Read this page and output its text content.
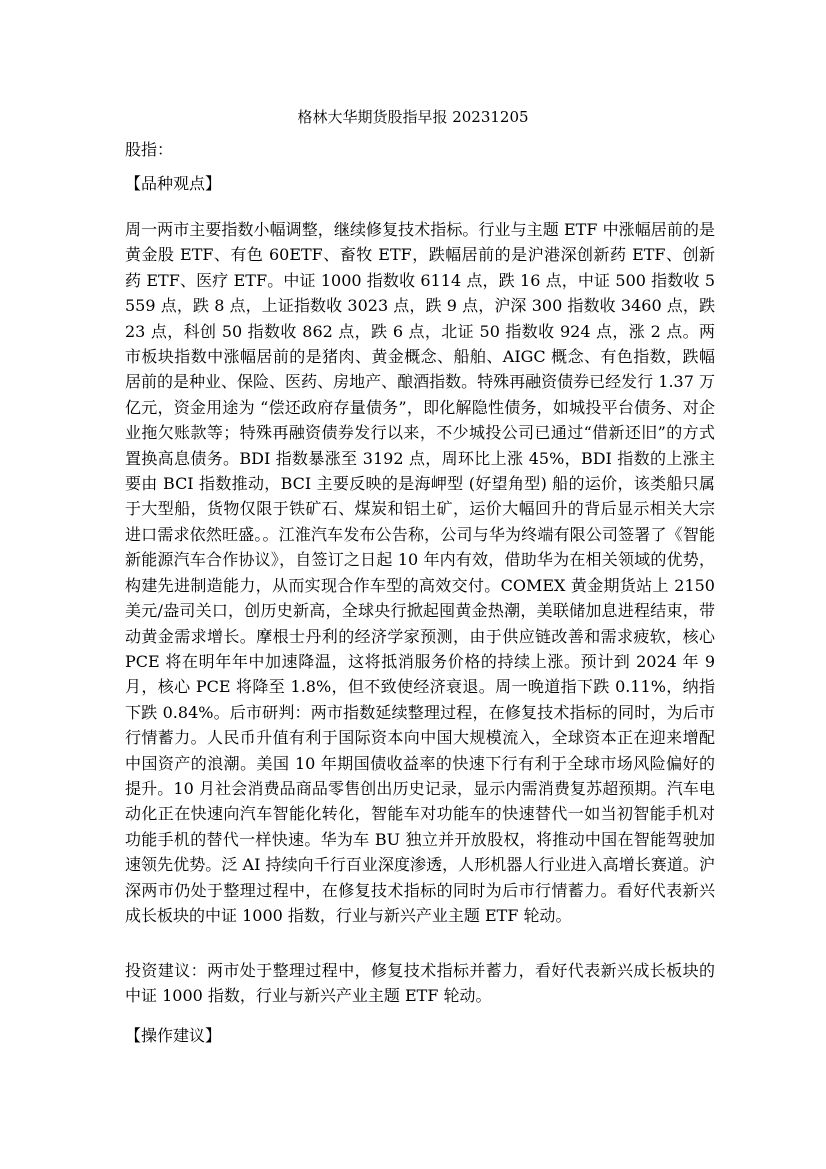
格林大华期货股指早报 20231205
股指：
【品种观点】
周一两市主要指数小幅调整，继续修复技术指标。行业与主题 ETF 中涨幅居前的是黄金股 ETF、有色 60ETF、畜牧 ETF，跌幅居前的是沪港深创新药 ETF、创新药 ETF、医疗 ETF。中证 1000 指数收 6114 点，跌 16 点，中证 500 指数收 5559 点，跌 8 点，上证指数收 3023 点，跌 9 点，沪深 300 指数收 3460 点，跌 23 点，科创 50 指数收 862 点，跌 6 点，北证 50 指数收 924 点，涨 2 点。两市板块指数中涨幅居前的是猪肉、黄金概念、船舶、AIGC 概念、有色指数，跌幅居前的是种业、保险、医药、房地产、酿酒指数。特殊再融资债券已经发行 1.37 万亿元，资金用途为 “偿还政府存量债务”，即化解隐性债务，如城投平台债务、对企业拖欠账款等；特殊再融资债券发行以来，不少城投公司已通过“借新还旧”的方式置换高息债务。BDI 指数暴涨至 3192 点，周环比上涨 45%，BDI 指数的上涨主要由 BCI 指数推动，BCI 主要反映的是海岬型 (好望角型) 船的运价，该类船只属于大型船，货物仅限于铁矿石、煤炭和铝土矿，运价大幅回升的背后显示相关大宗进口需求依然旺盛。。江淮汽车发布公告称，公司与华为终端有限公司签署了《智能新能源汽车合作协议》，自签订之日起 10 年内有效，借助华为在相关领域的优势，构建先进制造能力，从而实现合作车型的高效交付。COMEX 黄金期货站上 2150 美元/盎司关口，创历史新高，全球央行掀起囤黄金热潮，美联储加息进程结束，带动黄金需求增长。摩根士丹利的经济学家预测，由于供应链改善和需求疲软，核心 PCE 将在明年年中加速降温，这将抵消服务价格的持续上涨。预计到 2024 年 9 月，核心 PCE 将降至 1.8%，但不致使经济衰退。周一晚道指下跌 0.11%，纳指下跌 0.84%。后市研判：两市指数延续整理过程，在修复技术指标的同时，为后市行情蓄力。人民币升值有利于国际资本向中国大规模流入，全球资本正在迎来增配中国资产的浪潮。美国 10 年期国债收益率的快速下行有利于全球市场风险偏好的提升。10 月社会消费品商品零售创出历史记录，显示内需消费复苏超预期。汽车电动化正在快速向汽车智能化转化，智能车对功能车的快速替代一如当初智能手机对功能手机的替代一样快速。华为车 BU 独立并开放股权，将推动中国在智能驾驶加速领先优势。泛 AI 持续向千行百业深度渗透，人形机器人行业进入高增长赛道。沪深两市仍处于整理过程中，在修复技术指标的同时为后市行情蓄力。看好代表新兴成长板块的中证 1000 指数，行业与新兴产业主题 ETF 轮动。
投资建议：两市处于整理过程中，修复技术指标并蓄力，看好代表新兴成长板块的中证 1000 指数，行业与新兴产业主题 ETF 轮动。
【操作建议】
